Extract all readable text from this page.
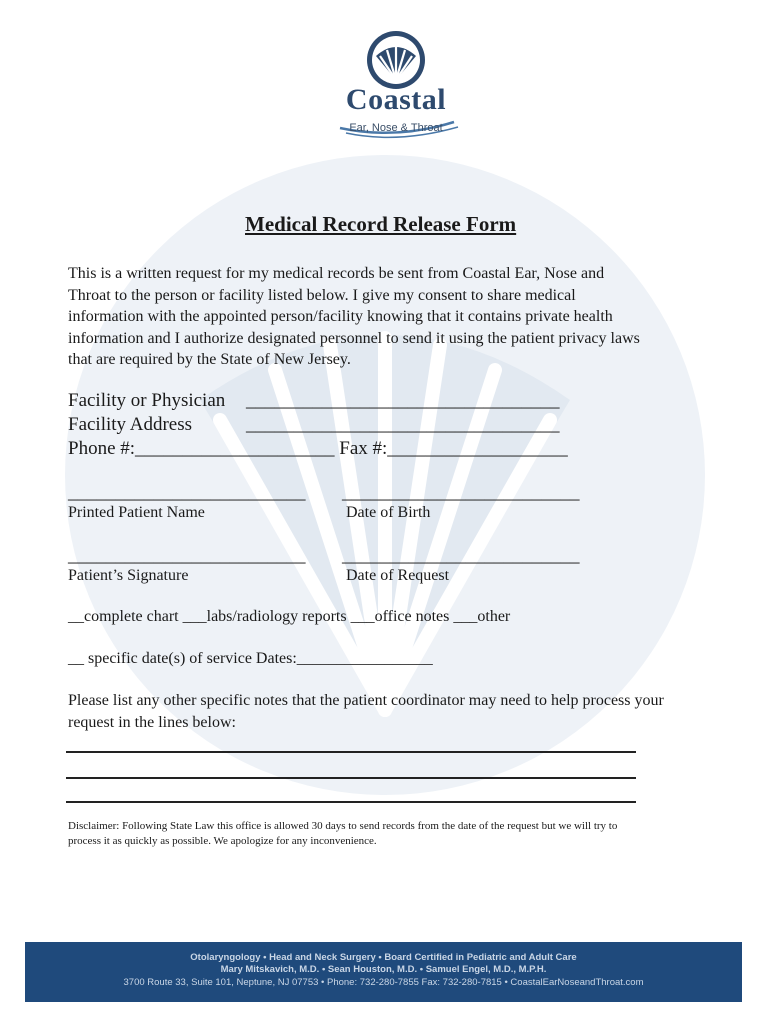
Coastal
Ear, Nose & Throat
Medical Record Release Form
This is a written request for my medical records be sent from Coastal Ear, Nose and Throat to the person or facility listed below. I give my consent to share medical information with the appointed person/facility knowing that it contains private health information and I authorize designated personnel to send it using the patient privacy laws that are required by the State of New Jersey.
Facility or Physician _________________________________
Facility Address	_________________________________
Phone #:_____________________ Fax #:___________________
_________________________ _________________________
Printed Patient Name	Date of Birth
_________________________ _________________________
Patient’s Signature	Date of Request
__complete chart ___labs/radiology reports ___office notes ___other
__ specific date(s) of service Dates:_________________
Please list any other specific notes that the patient coordinator may need to help process your request in the lines below:
Disclaimer: Following State Law this office is allowed 30 days to send records from the date of the request but we will try to process it as quickly as possible. We apologize for any inconvenience.
Otolaryngology • Head and Neck Surgery • Board Certified in Pediatric and Adult Care
Mary Mitskavich, M.D. • Sean Houston, M.D. • Samuel Engel, M.D., M.P.H.
3700 Route 33, Suite 101, Neptune, NJ 07753 • Phone: 732-280-7855 Fax: 732-280-7815 • CoastalEarNoseandThroat.com
